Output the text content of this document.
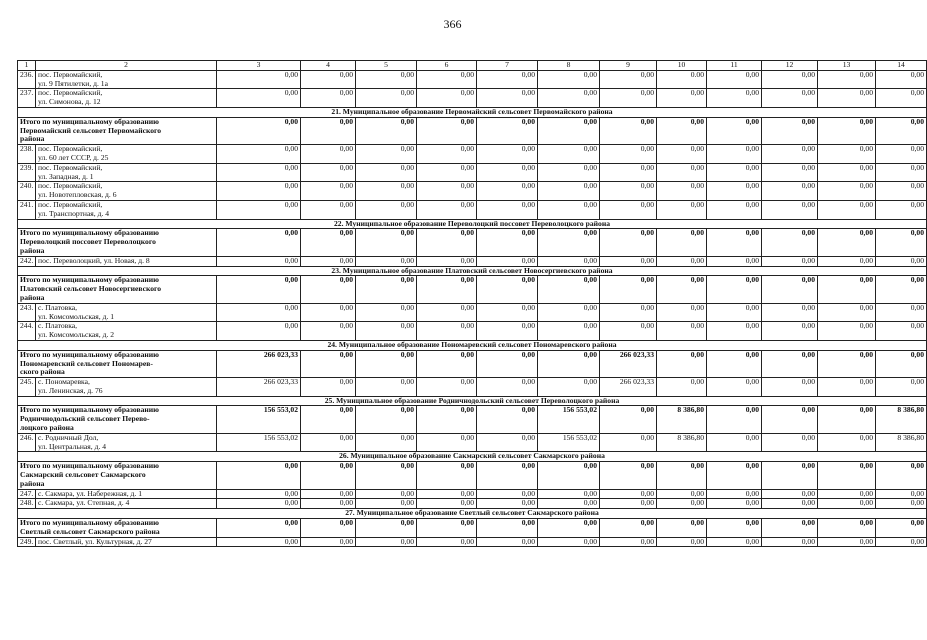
366
1	2	3	4	5	6	7	8	9	10	11	12	13	14
236.	пос. Первомайский,
ул. 9 Пятилетки, д. 1а	0,00	0,00	0,00	0,00	0,00	0,00	0,00	0.00	0,00	0,00	0,00	0,00
237.	пос. Первомайский,
ул. Симонова, д. 12	0,00	0,00	0,00	0,00	0,00	0,00	0,00	0,00	0,00	0,00	0,00	0,00
21. Муниципальное образование Первомайский сельсовет Первомайского района													

Итого по муниципальному образованию
Первомайский сельсовет Первомайского
района		0,00	0,00	0,00	0,00	0,00	0,00	0,00	0,00	0,00	0,00	0,00	0,00
238.	пос. Первомайский,
ул. 60 лет СССР, д. 25	0,00	0,00	0,00	0,00	0,00	0,00	0,00	0,00	0,00	0,00	0,00	0,00
239.	пос. Первомайский,
ул. Западная, д. 1	0,00	0,00	0,00	0,00	0,00	0,00	0,00	0,00	0,00	0,00	0,00	0,00
240.	пос. Первомайский,
ул. Новотепловская, д. 6	0,00	0,00	0,00	0,00	0,00	0,00	0,00	0,00	0,00	0,00	0,00	0,00
241.	пос. Первомайский,
ул. Транспортная, д. 4	0,00	0,00	0,00	0,00	0,00	0,00	0,00	0,00	0,00	0,00	0,00	0,00
22. Муниципальное образование Переволоцкий поссовет Переволоцкого района													

Итого по муниципальному образованию
Переволоцкий поссовет Переволоцкого
района		0,00	0,00	0,00	0,00	0,00	0,00	0,00	0,00	0,00	0,00	0,00	0,00
242.	пос. Переволоцкий, ул. Новая, д. 8	0,00	0,00	0,00	0,00	0,00	0,00	0,00	0,00	0,00	0,00	0,00	0,00
23. Муниципальное образование Платовский сельсовет Новосергиевского района													

Итого по муниципальному образованию
Платовский сельсовет Новосергиевского
района		0,00	0,00	0,00	0,00	0,00	0,00	0,00	0,00	0,00	0,00	0,00	0,00
243.	с. Платовка,
ул. Комсомольская, д. 1	0,00	0,00	0,00	0,00	0,00	0,00	0,00	0,00	0,00	0,00	0,00	0,00
244.	с. Платовка,
ул. Комсомольская, д. 2	0,00	0,00	0,00	0,00	0,00	0,00	0,00	0,00	0,00	0,00	0,00	0,00
24. Муниципальное образование Пономаревский сельсовет Пономаревского района													

Итого по муниципальному образованию
Пономаревский сельсовет Пономарев-
ского района		266 023,33	0,00	0,00	0,00	0,00	0,00	266 023,33	0,00	0,00	0,00	0,00	0,00
245.	с. Пономаревка,
ул. Ленинская, д. 76	266 023,33	0,00	0,00	0,00	0,00	0,00	266 023,33	0,00	0,00	0,00	0,00	0,00
25. Муниципальное образование Родничнодольский сельсовет Переволоцкого района													

Итого по муниципальному образованию
Родничнодольский сельсовет Перево-
лоцкого района		156 553,02	0,00	0,00	0,00	0,00	156 553,02	0,00	8 386,80	0,00	0,00	0,00	8 386,80
246.	с. Родничный Дол,
ул. Центральная, д. 4	156 553,02	0,00	0,00	0,00	0,00	156 553,02	0,00	8 386,80	0,00	0,00	0,00	8 386,80
26. Муниципальное образование Сакмарский сельсовет Сакмарского района													

Итого по муниципальному образованию
Сакмарский сельсовет Сакмарского
района		0,00	0,00	0,00	0,00	0,00	0,00	0,00	0,00	0,00	0,00	0,00	0,00
247.	с. Сакмара, ул. Набережная, д. 1	0,00	0,00	0,00	0,00	0,00	0,00	0,00	0,00	0,00	0,00	0,00	0,00
248.	с. Сакмара, ул. Степная, д. 4	0,00	0,00	0,00	0,00	0,00	0,00	0,00	0,00	0,00	0,00	0,00	0,00
27. Муниципальное образование Светлый сельсовет Сакмарского района													

Итого по муниципальному образованию
Светлый сельсовет Сакмарского района		0,00	0,00	0,00	0,00	0,00	0,00	0,00	0,00	0,00	0,00	0,00	0,00
249.	пос. Светлый, ул. Культурная, д. 27	0,00	0,00	0,00	0,00	0,00	0,00	0,00	0,00	0,00	0,00	0,00	0,00
